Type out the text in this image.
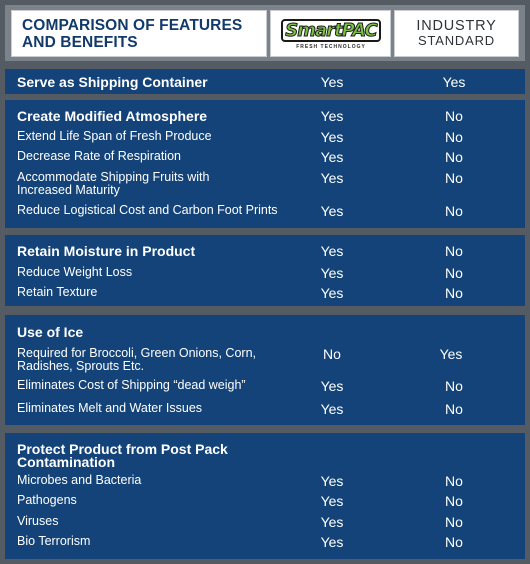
COMPARISON OF FEATURES
AND BENEFITS
SmartPAC
FRESH TECHNOLOGY
INDUSTRY
STANDARD
Serve as Shipping Container	Yes	Yes
Create Modified Atmosphere	Yes	No
Extend Life Span of Fresh Produce	Yes	No
Decrease Rate of Respiration	Yes	No
Accommodate Shipping Fruits with
Increased Maturity
Yes	No
Reduce Logistical Cost and Carbon Foot Prints	Yes	No
Retain Moisture in Product	Yes	No
Reduce Weight Loss	Yes	No
Retain Texture	Yes	No
Use of Ice
Required for Broccoli, Green Onions, Corn,
Radishes, Sprouts Etc.
No	Yes
Eliminates Cost of Shipping “dead weigh”	Yes	No
Eliminates Melt and Water Issues	Yes	No
Protect Product from Post Pack
Contamination
Microbes and Bacteria	Yes	No
Pathogens	Yes	No
Viruses	Yes	No
Bio Terrorism	Yes	No
